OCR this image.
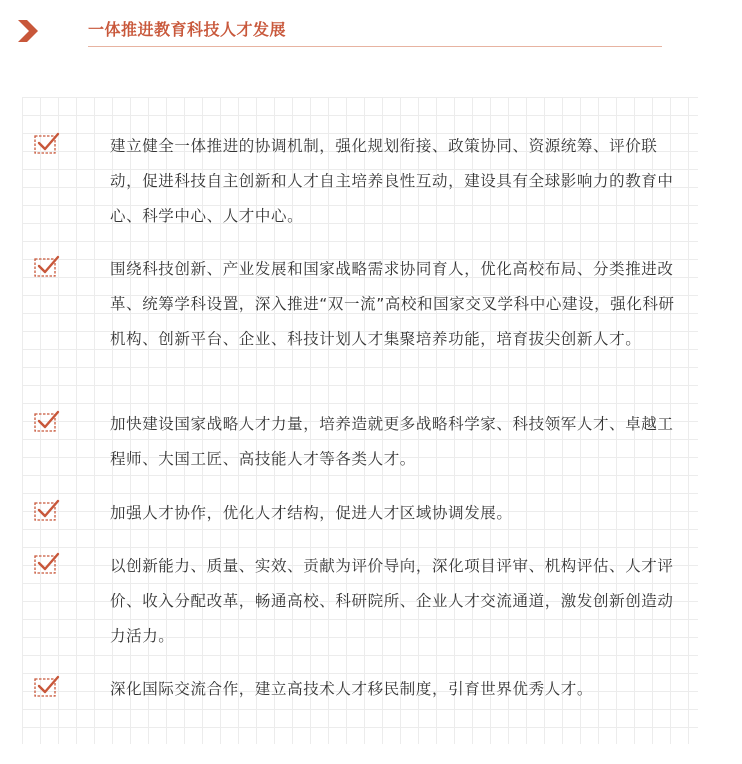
一体推进教育科技人才发展

建立健全一体推进的协调机制，强化规划衔接、政策协同、资源统筹、评价联动，促进科技自主创新和人才自主培养良性互动，建设具有全球影响力的教育中心、科学中心、人才中心。

围绕科技创新、产业发展和国家战略需求协同育人，优化高校布局、分类推进改革、统筹学科设置，深入推进“双一流”高校和国家交叉学科中心建设，强化科研机构、创新平台、企业、科技计划人才集聚培养功能，培育拔尖创新人才。

加快建设国家战略人才力量，培养造就更多战略科学家、科技领军人才、卓越工程师、大国工匠、高技能人才等各类人才。

加强人才协作，优化人才结构，促进人才区域协调发展。

以创新能力、质量、实效、贡献为评价导向，深化项目评审、机构评估、人才评价、收入分配改革，畅通高校、科研院所、企业人才交流通道，激发创新创造动力活力。

深化国际交流合作，建立高技术人才移民制度，引育世界优秀人才。
